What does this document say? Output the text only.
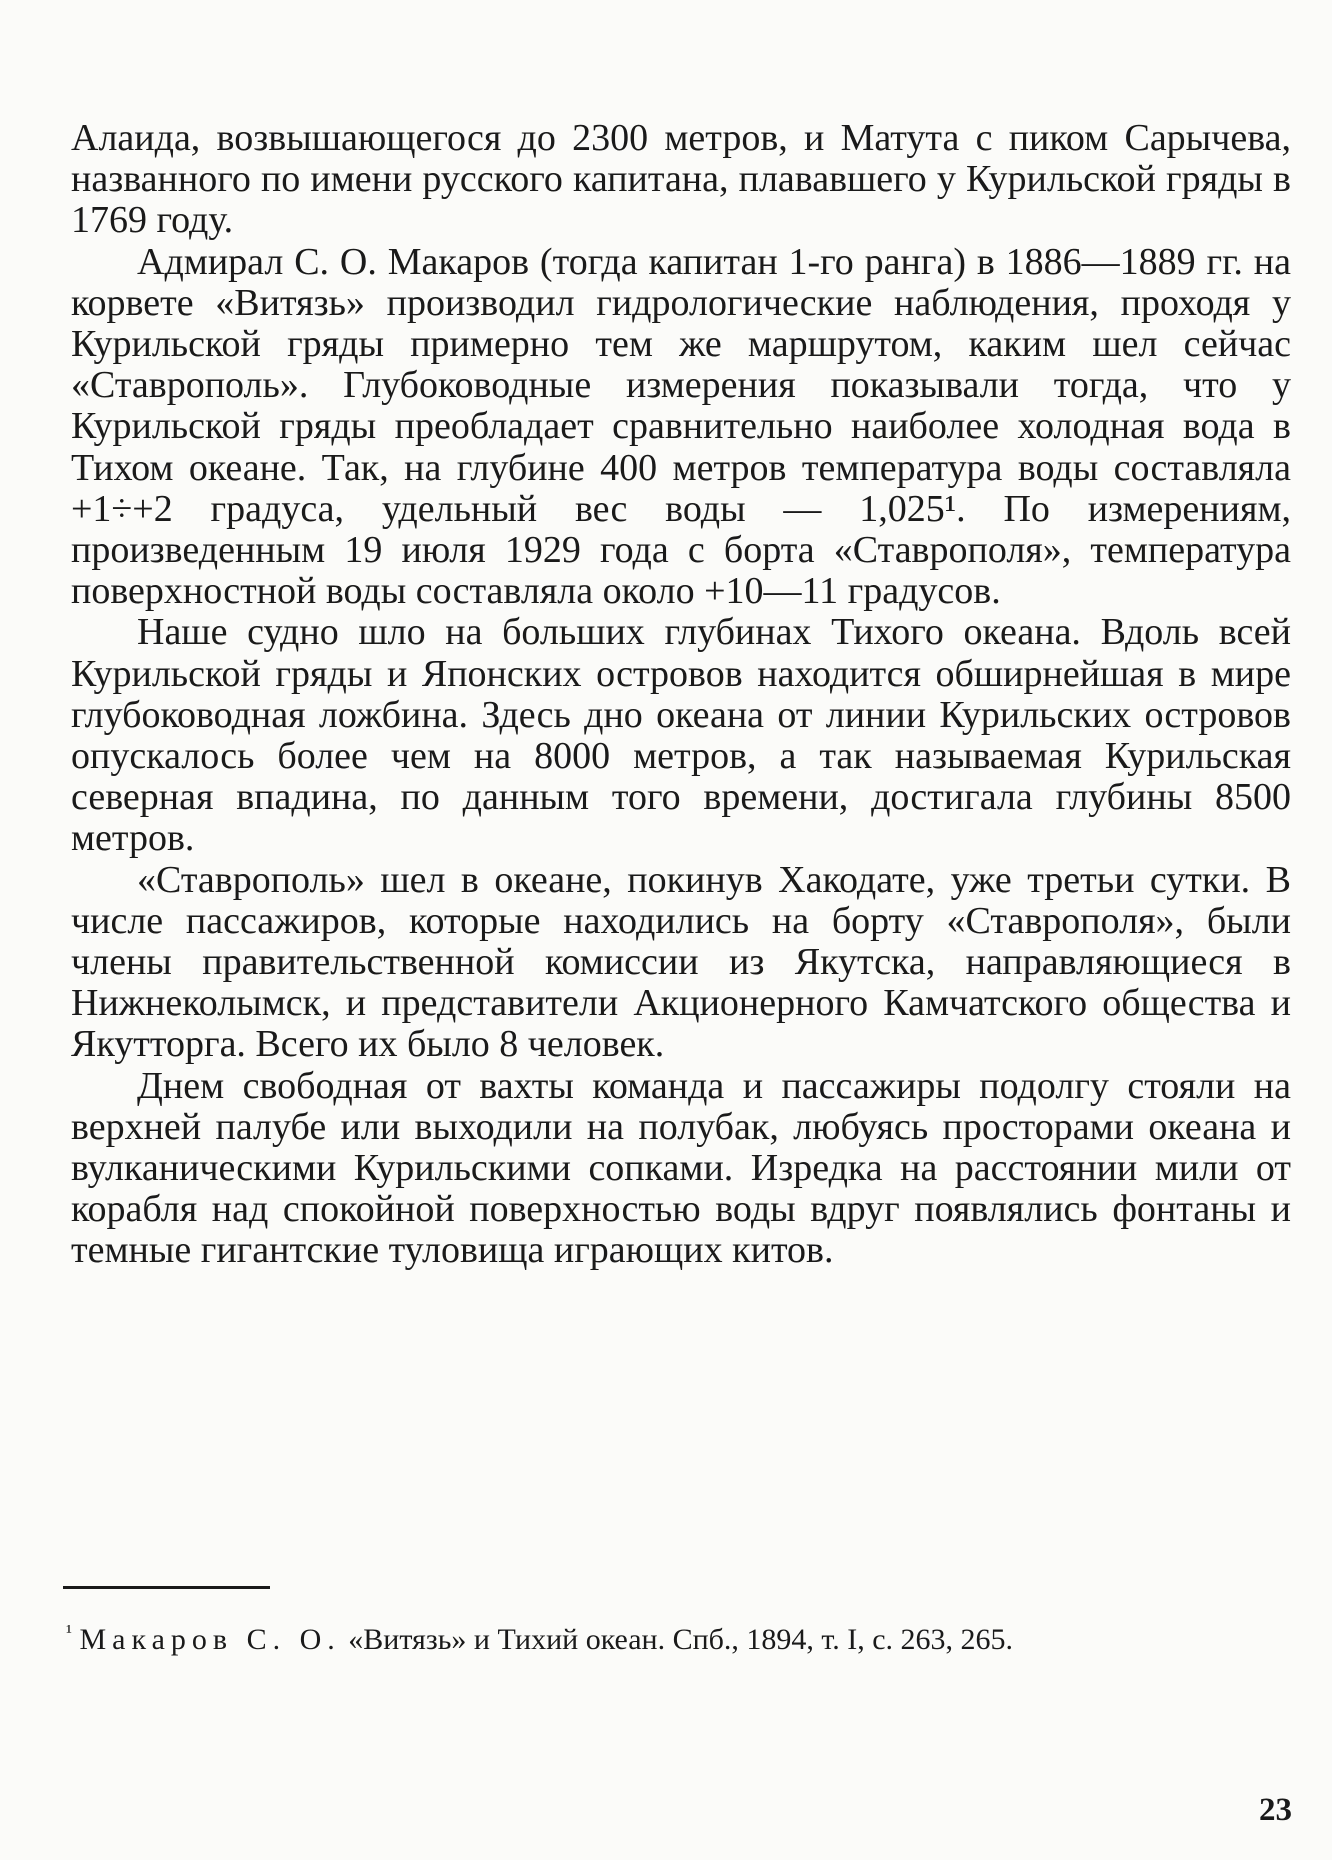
Алаида, возвышающегося до 2300 метров, и Матута с пиком Сарычева, названного по имени русского капитана, плававшего у Курильской гряды в 1769 году.

Адмирал С. О. Макаров (тогда капитан 1-го ранга) в 1886—1889 гг. на корвете «Витязь» производил гидрологические наблюдения, проходя у Курильской гряды примерно тем же маршрутом, каким шел сейчас «Ставрополь». Глубоководные измерения показывали тогда, что у Курильской гряды преобладает сравнительно наиболее холодная вода в Тихом океане. Так, на глубине 400 метров температура воды составляла +1÷+2 градуса, удельный вес воды — 1,025¹. По измерениям, произведенным 19 июля 1929 года с борта «Ставрополя», температура поверхностной воды составляла около +10—11 градусов.

Наше судно шло на больших глубинах Тихого океана. Вдоль всей Курильской гряды и Японских островов находится обширнейшая в мире глубоководная ложбина. Здесь дно океана от линии Курильских островов опускалось более чем на 8000 метров, а так называемая Курильская северная впадина, по данным того времени, достигала глубины 8500 метров.

«Ставрополь» шел в океане, покинув Хакодате, уже третьи сутки. В числе пассажиров, которые находились на борту «Ставрополя», были члены правительственной комиссии из Якутска, направляющиеся в Нижнеколымск, и представители Акционерного Камчатского общества и Якутторга. Всего их было 8 человек.

Днем свободная от вахты команда и пассажиры подолгу стояли на верхней палубе или выходили на полубак, любуясь просторами океана и вулканическими Курильскими сопками. Изредка на расстоянии мили от корабля над спокойной поверхностью воды вдруг появлялись фонтаны и темные гигантские туловища играющих китов.

$^{^1}$ Макаров С. О. «Витязь» и Тихий океан. Спб., 1894, т. I, с. 263, 265.
23
